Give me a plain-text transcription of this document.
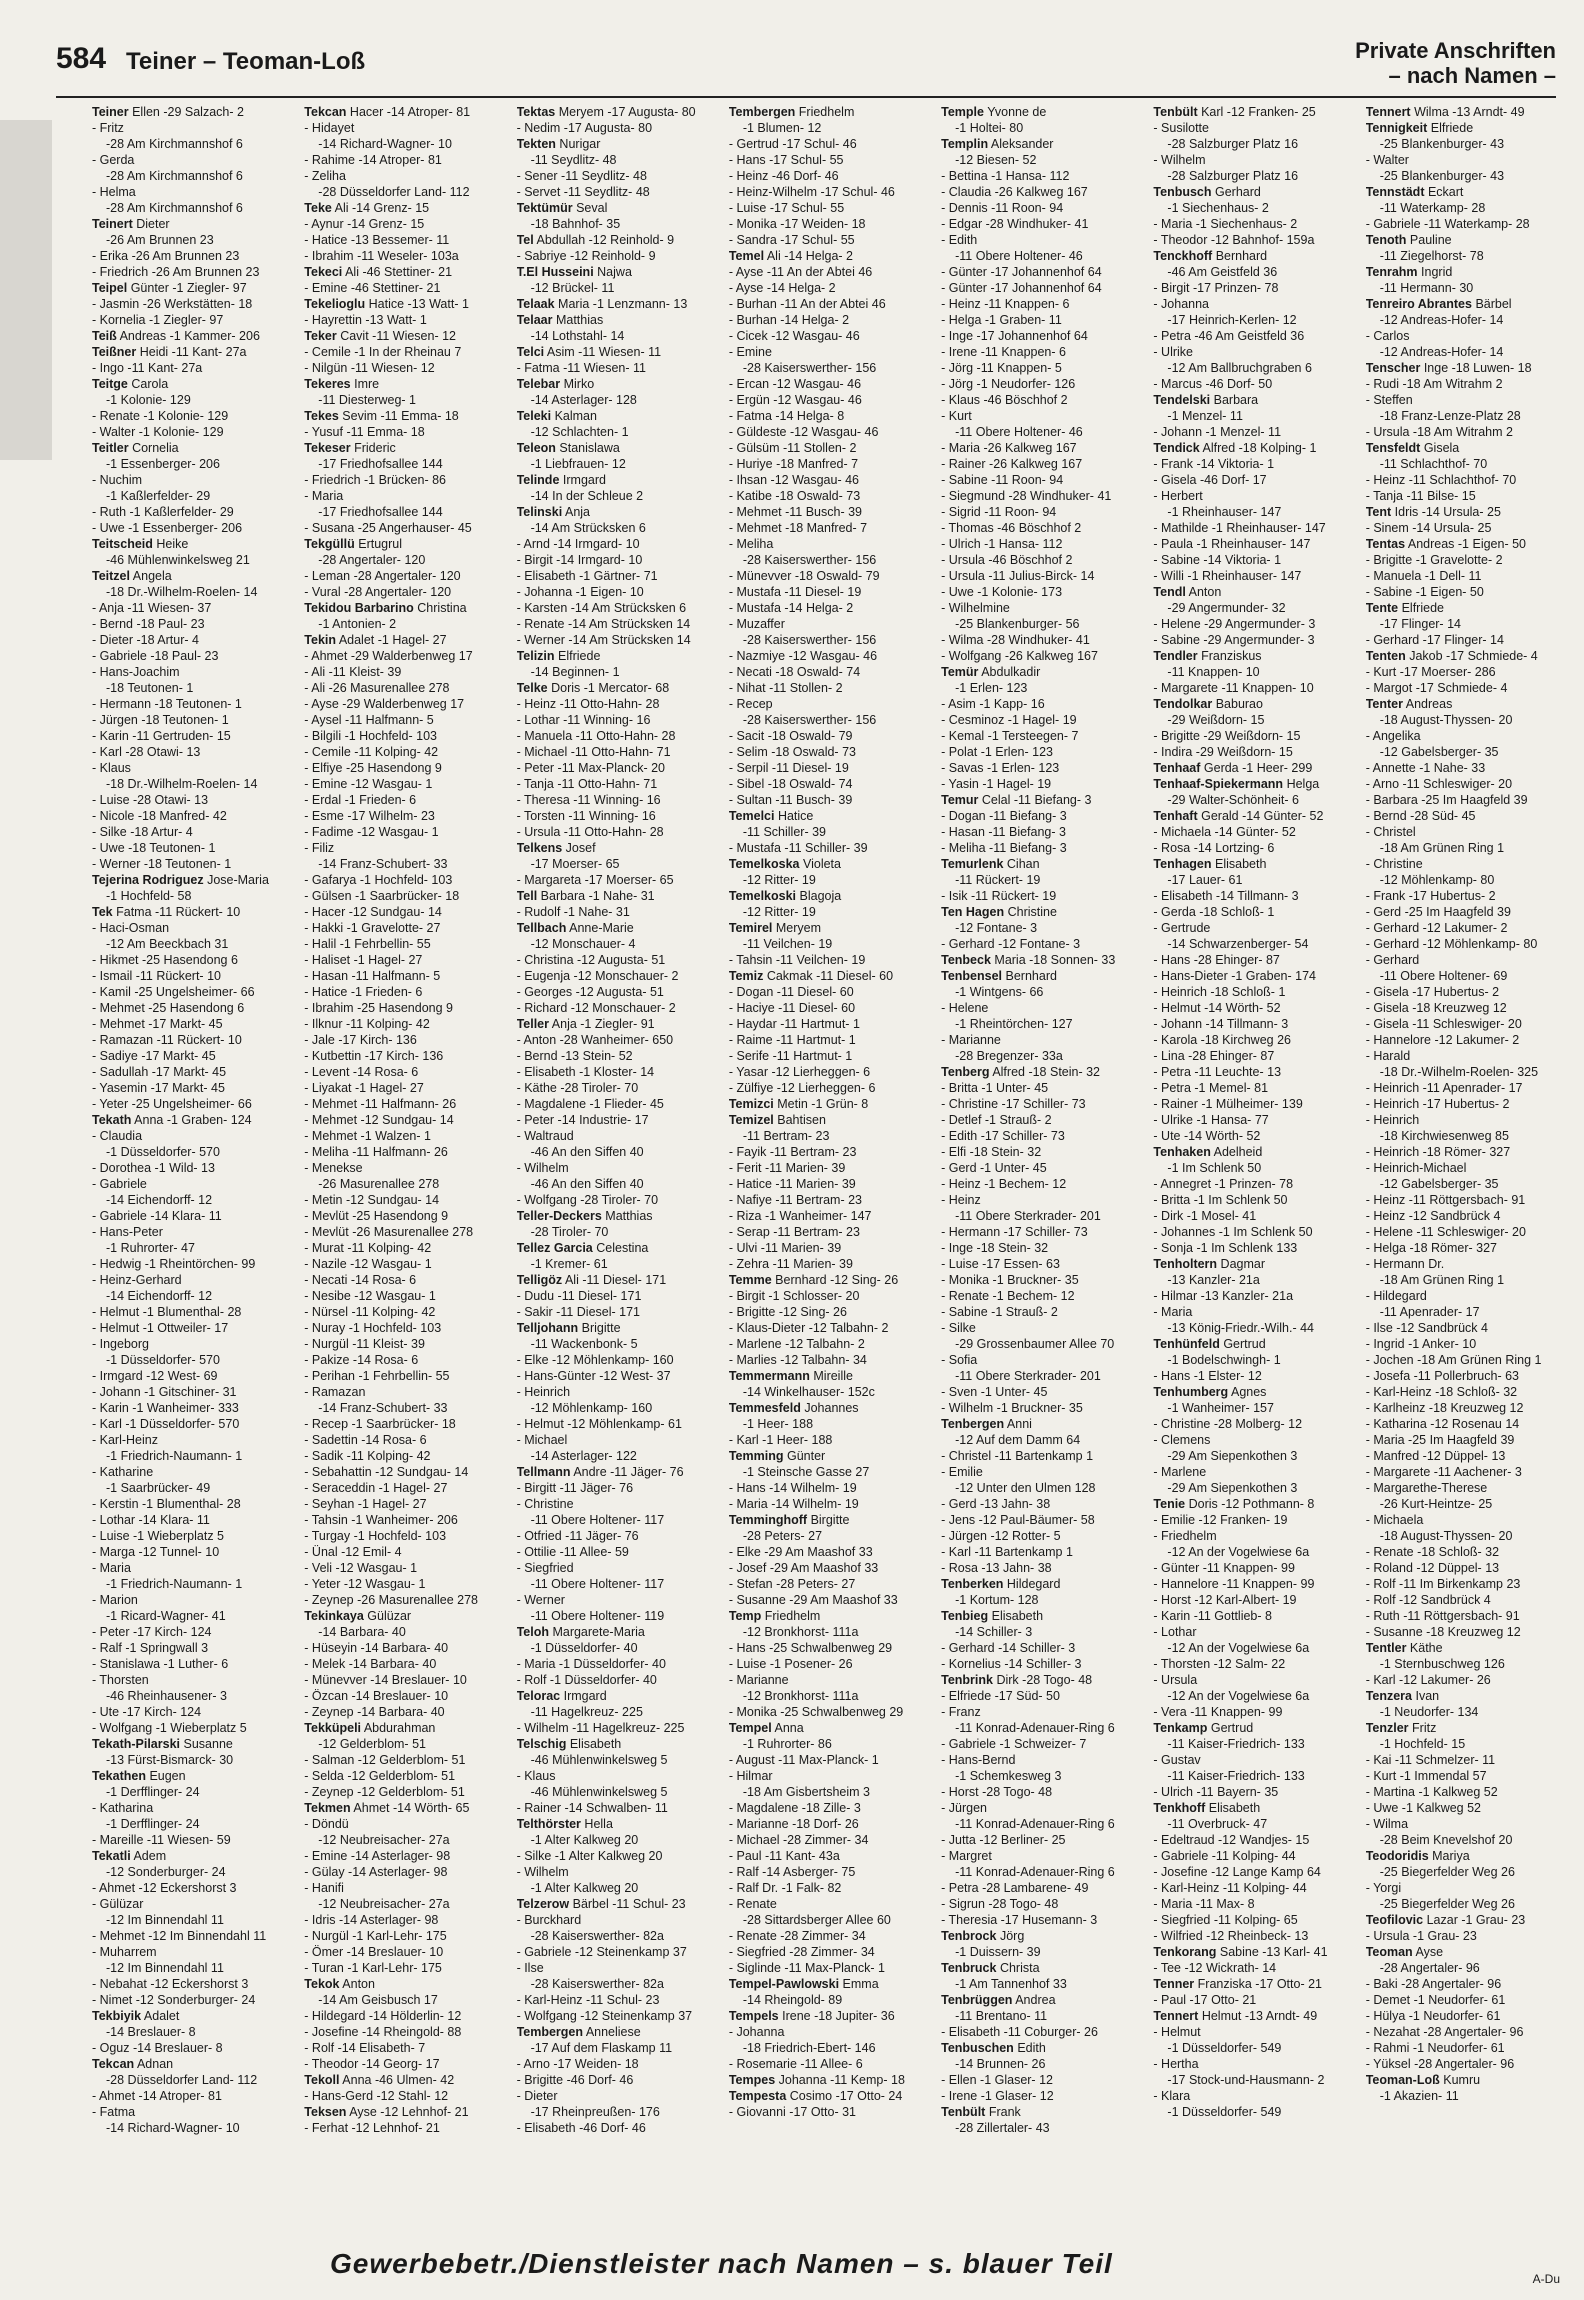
Telefonbuch
584 Teiner – Teoman-Loß	Private Anschriften
– nach Namen –
Teiner Ellen -29 Salzach- 2
- Fritz
-28 Am Kirchmannshof 6
- Gerda
-28 Am Kirchmannshof 6
- Helma
-28 Am Kirchmannshof 6
Teinert Dieter
-26 Am Brunnen 23
- Erika -26 Am Brunnen 23
- Friedrich -26 Am Brunnen 23
Teipel Günter -1 Ziegler- 97
- Jasmin -26 Werkstätten- 18
- Kornelia -1 Ziegler- 97
Teiß Andreas -1 Kammer- 206
Teißner Heidi -11 Kant- 27a
- Ingo -11 Kant- 27a
Teitge Carola
-1 Kolonie- 129
- Renate -1 Kolonie- 129
- Walter -1 Kolonie- 129
Teitler Cornelia
-1 Essenberger- 206
- Nuchim
-1 Kaßlerfelder- 29
- Ruth -1 Kaßlerfelder- 29
- Uwe -1 Essenberger- 206
Teitscheid Heike
-46 Mühlenwinkelsweg 21
Teitzel Angela
-18 Dr.-Wilhelm-Roelen- 14
- Anja -11 Wiesen- 37
- Bernd -18 Paul- 23
- Dieter -18 Artur- 4
- Gabriele -18 Paul- 23
- Hans-Joachim
-18 Teutonen- 1
- Hermann -18 Teutonen- 1
- Jürgen -18 Teutonen- 1
- Karin -11 Gertruden- 15
- Karl -28 Otawi- 13
- Klaus
-18 Dr.-Wilhelm-Roelen- 14
- Luise -28 Otawi- 13
- Nicole -18 Manfred- 42
- Silke -18 Artur- 4
- Uwe -18 Teutonen- 1
- Werner -18 Teutonen- 1
Tejerina Rodriguez Jose-Maria
-1 Hochfeld- 58
Tek Fatma -11 Rückert- 10
- Haci-Osman
-12 Am Beeckbach 31
- Hikmet -25 Hasendong 6
- Ismail -11 Rückert- 10
- Kamil -25 Ungelsheimer- 66
- Mehmet -25 Hasendong 6
- Mehmet -17 Markt- 45
- Ramazan -11 Rückert- 10
- Sadiye -17 Markt- 45
- Sadullah -17 Markt- 45
- Yasemin -17 Markt- 45
- Yeter -25 Ungelsheimer- 66
Tekath Anna -1 Graben- 124
- Claudia
-1 Düsseldorfer- 570
- Dorothea -1 Wild- 13
- Gabriele
-14 Eichendorff- 12
- Gabriele -14 Klara- 11
- Hans-Peter
-1 Ruhrorter- 47
- Hedwig -1 Rheintörchen- 99
- Heinz-Gerhard
-14 Eichendorff- 12
- Helmut -1 Blumenthal- 28
- Helmut -1 Ottweiler- 17
- Ingeborg
-1 Düsseldorfer- 570
- Irmgard -12 West- 69
- Johann -1 Gitschiner- 31
- Karin -1 Wanheimer- 333
- Karl -1 Düsseldorfer- 570
- Karl-Heinz
-1 Friedrich-Naumann- 1
- Katharine
-1 Saarbrücker- 49
- Kerstin -1 Blumenthal- 28
- Lothar -14 Klara- 11
- Luise -1 Wieberplatz 5
- Marga -12 Tunnel- 10
- Maria
-1 Friedrich-Naumann- 1
- Marion
-1 Ricard-Wagner- 41
- Peter -17 Kirch- 124
- Ralf -1 Springwall 3
- Stanislawa -1 Luther- 6
- Thorsten
-46 Rheinhausener- 3
- Ute -17 Kirch- 124
- Wolfgang -1 Wieberplatz 5
Tekath-Pilarski Susanne
-13 Fürst-Bismarck- 30
Tekathen Eugen
-1 Derfflinger- 24
- Katharina
-1 Derfflinger- 24
- Mareille -11 Wiesen- 59
Tekatli Adem
-12 Sonderburger- 24
- Ahmet -12 Eckershorst 3
- Gülüzar
-12 Im Binnendahl 11
- Mehmet -12 Im Binnendahl 11
- Muharrem
-12 Im Binnendahl 11
- Nebahat -12 Eckershorst 3
- Nimet -12 Sonderburger- 24
Tekbiyik Adalet
-14 Breslauer- 8
- Oguz -14 Breslauer- 8
Tekcan Adnan
-28 Düsseldorfer Land- 112
- Ahmet -14 Atroper- 81
- Fatma
-14 Richard-Wagner- 10
Tekcan Hacer -14 Atroper- 81
- Hidayet
-14 Richard-Wagner- 10
- Rahime -14 Atroper- 81
- Zeliha
-28 Düsseldorfer Land- 112
Teke Ali -14 Grenz- 15
- Aynur -14 Grenz- 15
- Hatice -13 Bessemer- 11
- Ibrahim -11 Weseler- 103a
Tekeci Ali -46 Stettiner- 21
- Emine -46 Stettiner- 21
Tekelioglu Hatice -13 Watt- 1
- Hayrettin -13 Watt- 1
Teker Cavit -11 Wiesen- 12
- Cemile -1 In der Rheinau 7
- Nilgün -11 Wiesen- 12
Tekeres Imre
-11 Diesterweg- 1
Tekes Sevim -11 Emma- 18
- Yusuf -11 Emma- 18
Tekeser Frideric
-17 Friedhofsallee 144
- Friedrich -1 Brücken- 86
- Maria
-17 Friedhofsallee 144
- Susana -25 Angerhauser- 45
Tekgüllü Ertugrul
-28 Angertaler- 120
- Leman -28 Angertaler- 120
- Vural -28 Angertaler- 120
Tekidou Barbarino Christina
-1 Antonien- 2
Tekin Adalet -1 Hagel- 27
- Ahmet -29 Walderbenweg 17
- Ali -11 Kleist- 39
- Ali -26 Masurenallee 278
- Ayse -29 Walderbenweg 17
- Aysel -11 Halfmann- 5
- Bilgili -1 Hochfeld- 103
- Cemile -11 Kolping- 42
- Elfiye -25 Hasendong 9
- Emine -12 Wasgau- 1
- Erdal -1 Frieden- 6
- Esme -17 Wilhelm- 23
- Fadime -12 Wasgau- 1
- Filiz
-14 Franz-Schubert- 33
- Gafarya -1 Hochfeld- 103
- Gülsen -1 Saarbrücker- 18
- Hacer -12 Sundgau- 14
- Hakki -1 Gravelotte- 27
- Halil -1 Fehrbellin- 55
- Haliset -1 Hagel- 27
- Hasan -11 Halfmann- 5
- Hatice -1 Frieden- 6
- Ibrahim -25 Hasendong 9
- Ilknur -11 Kolping- 42
- Jale -17 Kirch- 136
- Kutbettin -17 Kirch- 136
- Levent -14 Rosa- 6
- Liyakat -1 Hagel- 27
- Mehmet -11 Halfmann- 26
- Mehmet -12 Sundgau- 14
- Mehmet -1 Walzen- 1
- Meliha -11 Halfmann- 26
- Menekse
-26 Masurenallee 278
- Metin -12 Sundgau- 14
- Mevlüt -25 Hasendong 9
- Mevlüt -26 Masurenallee 278
- Murat -11 Kolping- 42
- Nazile -12 Wasgau- 1
- Necati -14 Rosa- 6
- Nesibe -12 Wasgau- 1
- Nürsel -11 Kolping- 42
- Nuray -1 Hochfeld- 103
- Nurgül -11 Kleist- 39
- Pakize -14 Rosa- 6
- Perihan -1 Fehrbellin- 55
- Ramazan
-14 Franz-Schubert- 33
- Recep -1 Saarbrücker- 18
- Sadettin -14 Rosa- 6
- Sadik -11 Kolping- 42
- Sebahattin -12 Sundgau- 14
- Seraceddin -1 Hagel- 27
- Seyhan -1 Hagel- 27
- Tahsin -1 Wanheimer- 206
- Turgay -1 Hochfeld- 103
- Ünal -12 Emil- 4
- Veli -12 Wasgau- 1
- Yeter -12 Wasgau- 1
- Zeynep -26 Masurenallee 278
Tekinkaya Gülüzar
-14 Barbara- 40
- Hüseyin -14 Barbara- 40
- Melek -14 Barbara- 40
- Münevver -14 Breslauer- 10
- Özcan -14 Breslauer- 10
- Zeynep -14 Barbara- 40
Tekküpeli Abdurahman
-12 Gelderblom- 51
- Salman -12 Gelderblom- 51
- Selda -12 Gelderblom- 51
- Zeynep -12 Gelderblom- 51
Tekmen Ahmet -14 Wörth- 65
- Döndü
-12 Neubreisacher- 27a
- Emine -14 Asterlager- 98
- Gülay -14 Asterlager- 98
- Hanifi
-12 Neubreisacher- 27a
- Idris -14 Asterlager- 98
- Nurgül -1 Karl-Lehr- 175
- Ömer -14 Breslauer- 10
- Turan -1 Karl-Lehr- 175
Tekok Anton
-14 Am Geisbusch 17
- Hildegard -14 Hölderlin- 12
- Josefine -14 Rheingold- 88
- Rolf -14 Elisabeth- 7
- Theodor -14 Georg- 17
Tekoll Anna -46 Ulmen- 42
- Hans-Gerd -12 Stahl- 12
Teksen Ayse -12 Lehnhof- 21
- Ferhat -12 Lehnhof- 21
Tektas Meryem -17 Augusta- 80
- Nedim -17 Augusta- 80
Tekten Nurigar
-11 Seydlitz- 48
- Sener -11 Seydlitz- 48
- Servet -11 Seydlitz- 48
Tektümür Seval
-18 Bahnhof- 35
Tel Abdullah -12 Reinhold- 9
- Sabriye -12 Reinhold- 9
T.El Husseini Najwa
-12 Brückel- 11
Telaak Maria -1 Lenzmann- 13
Telaar Matthias
-14 Lothstahl- 14
Telci Asim -11 Wiesen- 11
- Fatma -11 Wiesen- 11
Telebar Mirko
-14 Asterlager- 128
Teleki Kalman
-12 Schlachten- 1
Teleon Stanislawa
-1 Liebfrauen- 12
Telinde Irmgard
-14 In der Schleue 2
Telinski Anja
-14 Am Strücksken 6
- Arnd -14 Irmgard- 10
- Birgit -14 Irmgard- 10
- Elisabeth -1 Gärtner- 71
- Johanna -1 Eigen- 10
- Karsten -14 Am Strücksken 6
- Renate -14 Am Strücksken 14
- Werner -14 Am Strücksken 14
Telizin Elfriede
-14 Beginnen- 1
Telke Doris -1 Mercator- 68
- Heinz -11 Otto-Hahn- 28
- Lothar -11 Winning- 16
- Manuela -11 Otto-Hahn- 28
- Michael -11 Otto-Hahn- 71
- Peter -11 Max-Planck- 20
- Tanja -11 Otto-Hahn- 71
- Theresa -11 Winning- 16
- Torsten -11 Winning- 16
- Ursula -11 Otto-Hahn- 28
Telkens Josef
-17 Moerser- 65
- Margareta -17 Moerser- 65
Tell Barbara -1 Nahe- 31
- Rudolf -1 Nahe- 31
Tellbach Anne-Marie
-12 Monschauer- 4
- Christina -12 Augusta- 51
- Eugenja -12 Monschauer- 2
- Georges -12 Augusta- 51
- Richard -12 Monschauer- 2
Teller Anja -1 Ziegler- 91
- Anton -28 Wanheimer- 650
- Bernd -13 Stein- 52
- Elisabeth -1 Kloster- 14
- Käthe -28 Tiroler- 70
- Magdalene -1 Flieder- 45
- Peter -14 Industrie- 17
- Waltraud
-46 An den Siffen 40
- Wilhelm
-46 An den Siffen 40
- Wolfgang -28 Tiroler- 70
Teller-Deckers Matthias
-28 Tiroler- 70
Tellez Garcia Celestina
-1 Kremer- 61
Telligöz Ali -11 Diesel- 171
- Dudu -11 Diesel- 171
- Sakir -11 Diesel- 171
Telljohann Brigitte
-11 Wackenbonk- 5
- Elke -12 Möhlenkamp- 160
- Hans-Günter -12 West- 37
- Heinrich
-12 Möhlenkamp- 160
- Helmut -12 Möhlenkamp- 61
- Michael
-14 Asterlager- 122
Tellmann Andre -11 Jäger- 76
- Birgitt -11 Jäger- 76
- Christine
-11 Obere Holtener- 117
- Otfried -11 Jäger- 76
- Ottilie -11 Allee- 59
- Siegfried
-11 Obere Holtener- 117
- Werner
-11 Obere Holtener- 119
Teloh Margarete-Maria
-1 Düsseldorfer- 40
- Maria -1 Düsseldorfer- 40
- Rolf -1 Düsseldorfer- 40
Telorac Irmgard
-11 Hagelkreuz- 225
- Wilhelm -11 Hagelkreuz- 225
Telschig Elisabeth
-46 Mühlenwinkelsweg 5
- Klaus
-46 Mühlenwinkelsweg 5
- Rainer -14 Schwalben- 11
Telthörster Hella
-1 Alter Kalkweg 20
- Silke -1 Alter Kalkweg 20
- Wilhelm
-1 Alter Kalkweg 20
Telzerow Bärbel -11 Schul- 23
- Burckhard
-28 Kaiserswerther- 82a
- Gabriele -12 Steinenkamp 37
- Ilse
-28 Kaiserswerther- 82a
- Karl-Heinz -11 Schul- 23
- Wolfgang -12 Steinenkamp 37
Tembergen Anneliese
-17 Auf dem Flaskamp 11
- Arno -17 Weiden- 18
- Brigitte -46 Dorf- 46
- Dieter
-17 Rheinpreußen- 176
- Elisabeth -46 Dorf- 46
Tembergen Friedhelm
-1 Blumen- 12
- Gertrud -17 Schul- 46
- Hans -17 Schul- 55
- Heinz -46 Dorf- 46
- Heinz-Wilhelm -17 Schul- 46
- Luise -17 Schul- 55
- Monika -17 Weiden- 18
- Sandra -17 Schul- 55
Temel Ali -14 Helga- 2
- Ayse -11 An der Abtei 46
- Ayse -14 Helga- 2
- Burhan -11 An der Abtei 46
- Burhan -14 Helga- 2
- Cicek -12 Wasgau- 46
- Emine
-28 Kaiserswerther- 156
- Ercan -12 Wasgau- 46
- Ergün -12 Wasgau- 46
- Fatma -14 Helga- 8
- Güldeste -12 Wasgau- 46
- Gülsüm -11 Stollen- 2
- Huriye -18 Manfred- 7
- Ihsan -12 Wasgau- 46
- Katibe -18 Oswald- 73
- Mehmet -11 Busch- 39
- Mehmet -18 Manfred- 7
- Meliha
-28 Kaiserswerther- 156
- Münevver -18 Oswald- 79
- Mustafa -11 Diesel- 19
- Mustafa -14 Helga- 2
- Muzaffer
-28 Kaiserswerther- 156
- Nazmiye -12 Wasgau- 46
- Necati -18 Oswald- 74
- Nihat -11 Stollen- 2
- Recep
-28 Kaiserswerther- 156
- Sacit -18 Oswald- 79
- Selim -18 Oswald- 73
- Serpil -11 Diesel- 19
- Sibel -18 Oswald- 74
- Sultan -11 Busch- 39
Temelci Hatice
-11 Schiller- 39
- Mustafa -11 Schiller- 39
Temelkoska Violeta
-12 Ritter- 19
Temelkoski Blagoja
-12 Ritter- 19
Temirel Meryem
-11 Veilchen- 19
- Tahsin -11 Veilchen- 19
Temiz Cakmak -11 Diesel- 60
- Dogan -11 Diesel- 60
- Haciye -11 Diesel- 60
- Haydar -11 Hartmut- 1
- Raime -11 Hartmut- 1
- Serife -11 Hartmut- 1
- Yasar -12 Lierheggen- 6
- Zülfiye -12 Lierheggen- 6
Temizci Metin -1 Grün- 8
Temizel Bahtisen
-11 Bertram- 23
- Fayik -11 Bertram- 23
- Ferit -11 Marien- 39
- Hatice -11 Marien- 39
- Nafiye -11 Bertram- 23
- Riza -1 Wanheimer- 147
- Serap -11 Bertram- 23
- Ulvi -11 Marien- 39
- Zehra -11 Marien- 39
Temme Bernhard -12 Sing- 26
- Birgit -1 Schlosser- 20
- Brigitte -12 Sing- 26
- Klaus-Dieter -12 Talbahn- 2
- Marlene -12 Talbahn- 2
- Marlies -12 Talbahn- 34
Temmermann Mireille
-14 Winkelhauser- 152c
Temmesfeld Johannes
-1 Heer- 188
- Karl -1 Heer- 188
Temming Günter
-1 Steinsche Gasse 27
- Hans -14 Wilhelm- 19
- Maria -14 Wilhelm- 19
Temminghoff Birgitte
-28 Peters- 27
- Elke -29 Am Maashof 33
- Josef -29 Am Maashof 33
- Stefan -28 Peters- 27
- Susanne -29 Am Maashof 33
Temp Friedhelm
-12 Bronkhorst- 111a
- Hans -25 Schwalbenweg 29
- Luise -1 Posener- 26
- Marianne
-12 Bronkhorst- 111a
- Monika -25 Schwalbenweg 29
Tempel Anna
-1 Ruhrorter- 86
- August -11 Max-Planck- 1
- Hilmar
-18 Am Gisbertsheim 3
- Magdalene -18 Zille- 3
- Marianne -18 Dorf- 26
- Michael -28 Zimmer- 34
- Paul -11 Kant- 43a
- Ralf -14 Asberger- 75
- Ralf Dr. -1 Falk- 82
- Renate
-28 Sittardsberger Allee 60
- Renate -28 Zimmer- 34
- Siegfried -28 Zimmer- 34
- Siglinde -11 Max-Planck- 1
Tempel-Pawlowski Emma
-14 Rheingold- 89
Tempels Irene -18 Jupiter- 36
- Johanna
-18 Friedrich-Ebert- 146
- Rosemarie -11 Allee- 6
Tempes Johanna -11 Kemp- 18
Tempesta Cosimo -17 Otto- 24
- Giovanni -17 Otto- 31
Temple Yvonne de
-1 Holtei- 80
Templin Aleksander
-12 Biesen- 52
- Bettina -1 Hansa- 112
- Claudia -26 Kalkweg 167
- Dennis -11 Roon- 94
- Edgar -28 Windhuker- 41
- Edith
-11 Obere Holtener- 46
- Günter -17 Johannenhof 64
- Günter -17 Johannenhof 64
- Heinz -11 Knappen- 6
- Helga -1 Graben- 11
- Inge -17 Johannenhof 64
- Irene -11 Knappen- 6
- Jörg -11 Knappen- 5
- Jörg -1 Neudorfer- 126
- Klaus -46 Böschhof 2
- Kurt
-11 Obere Holtener- 46
- Maria -26 Kalkweg 167
- Rainer -26 Kalkweg 167
- Sabine -11 Roon- 94
- Siegmund -28 Windhuker- 41
- Sigrid -11 Roon- 94
- Thomas -46 Böschhof 2
- Ulrich -1 Hansa- 112
- Ursula -46 Böschhof 2
- Ursula -11 Julius-Birck- 14
- Uwe -1 Kolonie- 173
- Wilhelmine
-25 Blankenburger- 56
- Wilma -28 Windhuker- 41
- Wolfgang -26 Kalkweg 167
Temür Abdulkadir
-1 Erlen- 123
- Asim -1 Kapp- 16
- Cesminoz -1 Hagel- 19
- Kemal -1 Tersteegen- 7
- Polat -1 Erlen- 123
- Savas -1 Erlen- 123
- Yasin -1 Hagel- 19
Temur Celal -11 Biefang- 3
- Dogan -11 Biefang- 3
- Hasan -11 Biefang- 3
- Meliha -11 Biefang- 3
Temurlenk Cihan
-11 Rückert- 19
- Isik -11 Rückert- 19
Ten Hagen Christine
-12 Fontane- 3
- Gerhard -12 Fontane- 3
Tenbeck Maria -18 Sonnen- 33
Tenbensel Bernhard
-1 Wintgens- 66
- Helene
-1 Rheintörchen- 127
- Marianne
-28 Bregenzer- 33a
Tenberg Alfred -18 Stein- 32
- Britta -1 Unter- 45
- Christine -17 Schiller- 73
- Detlef -1 Strauß- 2
- Edith -17 Schiller- 73
- Elfi -18 Stein- 32
- Gerd -1 Unter- 45
- Heinz -1 Bechem- 12
- Heinz
-11 Obere Sterkrader- 201
- Hermann -17 Schiller- 73
- Inge -18 Stein- 32
- Luise -17 Essen- 63
- Monika -1 Bruckner- 35
- Renate -1 Bechem- 12
- Sabine -1 Strauß- 2
- Silke
-29 Grossenbaumer Allee 70
- Sofia
-11 Obere Sterkrader- 201
- Sven -1 Unter- 45
- Wilhelm -1 Bruckner- 35
Tenbergen Anni
-12 Auf dem Damm 64
- Christel -11 Bartenkamp 1
- Emilie
-12 Unter den Ulmen 128
- Gerd -13 Jahn- 38
- Jens -12 Paul-Bäumer- 58
- Jürgen -12 Rotter- 5
- Karl -11 Bartenkamp 1
- Rosa -13 Jahn- 38
Tenberken Hildegard
-1 Kortum- 128
Tenbieg Elisabeth
-14 Schiller- 3
- Gerhard -14 Schiller- 3
- Kornelius -14 Schiller- 3
Tenbrink Dirk -28 Togo- 48
- Elfriede -17 Süd- 50
- Franz
-11 Konrad-Adenauer-Ring 6
- Gabriele -1 Schweizer- 7
- Hans-Bernd
-1 Schemkesweg 3
- Horst -28 Togo- 48
- Jürgen
-11 Konrad-Adenauer-Ring 6
- Jutta -12 Berliner- 25
- Margret
-11 Konrad-Adenauer-Ring 6
- Petra -28 Lambarene- 49
- Sigrun -28 Togo- 48
- Theresia -17 Husemann- 3
Tenbrock Jörg
-1 Duissern- 39
Tenbruck Christa
-1 Am Tannenhof 33
Tenbrüggen Andrea
-11 Brentano- 11
- Elisabeth -11 Coburger- 26
Tenbuschen Edith
-14 Brunnen- 26
- Ellen -1 Glaser- 12
- Irene -1 Glaser- 12
Tenbült Frank
-28 Zillertaler- 43
Tenbült Karl -12 Franken- 25
- Susilotte
-28 Salzburger Platz 16
- Wilhelm
-28 Salzburger Platz 16
Tenbusch Gerhard
-1 Siechenhaus- 2
- Maria -1 Siechenhaus- 2
- Theodor -12 Bahnhof- 159a
Tenckhoff Bernhard
-46 Am Geistfeld 36
- Birgit -17 Prinzen- 78
- Johanna
-17 Heinrich-Kerlen- 12
- Petra -46 Am Geistfeld 36
- Ulrike
-12 Am Ballbruchgraben 6
- Marcus -46 Dorf- 50
Tendelski Barbara
-1 Menzel- 11
- Johann -1 Menzel- 11
Tendick Alfred -18 Kolping- 1
- Frank -14 Viktoria- 1
- Gisela -46 Dorf- 17
- Herbert
-1 Rheinhauser- 147
- Mathilde -1 Rheinhauser- 147
- Paula -1 Rheinhauser- 147
- Sabine -14 Viktoria- 1
- Willi -1 Rheinhauser- 147
Tendl Anton
-29 Angermunder- 32
- Helene -29 Angermunder- 3
- Sabine -29 Angermunder- 3
Tendler Franziskus
-11 Knappen- 10
- Margarete -11 Knappen- 10
Tendolkar Baburao
-29 Weißdorn- 15
- Brigitte -29 Weißdorn- 15
- Indira -29 Weißdorn- 15
Tenhaaf Gerda -1 Heer- 299
Tenhaaf-Spiekermann Helga
-29 Walter-Schönheit- 6
Tenhaft Gerald -14 Günter- 52
- Michaela -14 Günter- 52
- Rosa -14 Lortzing- 6
Tenhagen Elisabeth
-17 Lauer- 61
- Elisabeth -14 Tillmann- 3
- Gerda -18 Schloß- 1
- Gertrude
-14 Schwarzenberger- 54
- Hans -28 Ehinger- 87
- Hans-Dieter -1 Graben- 174
- Heinrich -18 Schloß- 1
- Helmut -14 Wörth- 52
- Johann -14 Tillmann- 3
- Karola -18 Kirchweg 26
- Lina -28 Ehinger- 87
- Petra -11 Leuchte- 13
- Petra -1 Memel- 81
- Rainer -1 Mülheimer- 139
- Ulrike -1 Hansa- 77
- Ute -14 Wörth- 52
Tenhaken Adelheid
-1 Im Schlenk 50
- Annegret -1 Prinzen- 78
- Britta -1 Im Schlenk 50
- Dirk -1 Mosel- 41
- Johannes -1 Im Schlenk 50
- Sonja -1 Im Schlenk 133
Tenholtern Dagmar
-13 Kanzler- 21a
- Hilmar -13 Kanzler- 21a
- Maria
-13 König-Friedr.-Wilh.- 44
Tenhünfeld Gertrud
-1 Bodelschwingh- 1
- Hans -1 Elster- 12
Tenhumberg Agnes
-1 Wanheimer- 157
- Christine -28 Molberg- 12
- Clemens
-29 Am Siepenkothen 3
- Marlene
-29 Am Siepenkothen 3
Tenie Doris -12 Pothmann- 8
- Emilie -12 Franken- 19
- Friedhelm
-12 An der Vogelwiese 6a
- Günter -11 Knappen- 99
- Hannelore -11 Knappen- 99
- Horst -12 Karl-Albert- 19
- Karin -11 Gottlieb- 8
- Lothar
-12 An der Vogelwiese 6a
- Thorsten -12 Salm- 22
- Ursula
-12 An der Vogelwiese 6a
- Vera -11 Knappen- 99
Tenkamp Gertrud
-11 Kaiser-Friedrich- 133
- Gustav
-11 Kaiser-Friedrich- 133
- Ulrich -11 Bayern- 35
Tenkhoff Elisabeth
-11 Overbruck- 47
- Edeltraud -12 Wandjes- 15
- Gabriele -11 Kolping- 44
- Josefine -12 Lange Kamp 64
- Karl-Heinz -11 Kolping- 44
- Maria -11 Max- 8
- Siegfried -11 Kolping- 65
- Wilfried -12 Rheinbeck- 13
Tenkorang Sabine -13 Karl- 41
- Tee -12 Wickrath- 14
Tenner Franziska -17 Otto- 21
- Paul -17 Otto- 21
Tennert Helmut -13 Arndt- 49
- Helmut
-1 Düsseldorfer- 549
- Hertha
-17 Stock-und-Hausmann- 2
- Klara
-1 Düsseldorfer- 549
Tennert Wilma -13 Arndt- 49
Tennigkeit Elfriede
-25 Blankenburger- 43
- Walter
-25 Blankenburger- 43
Tennstädt Eckart
-11 Waterkamp- 28
- Gabriele -11 Waterkamp- 28
Tenoth Pauline
-11 Ziegelhorst- 78
Tenrahm Ingrid
-11 Hermann- 30
Tenreiro Abrantes Bärbel
-12 Andreas-Hofer- 14
- Carlos
-12 Andreas-Hofer- 14
Tenscher Inge -18 Luwen- 18
- Rudi -18 Am Witrahm 2
- Steffen
-18 Franz-Lenze-Platz 28
- Ursula -18 Am Witrahm 2
Tensfeldt Gisela
-11 Schlachthof- 70
- Heinz -11 Schlachthof- 70
- Tanja -11 Bilse- 15
Tent Idris -14 Ursula- 25
- Sinem -14 Ursula- 25
Tentas Andreas -1 Eigen- 50
- Brigitte -1 Gravelotte- 2
- Manuela -1 Dell- 11
- Sabine -1 Eigen- 50
Tente Elfriede
-17 Flinger- 14
- Gerhard -17 Flinger- 14
Tenten Jakob -17 Schmiede- 4
- Kurt -17 Moerser- 286
- Margot -17 Schmiede- 4
Tenter Andreas
-18 August-Thyssen- 20
- Angelika
-12 Gabelsberger- 35
- Annette -1 Nahe- 33
- Arno -11 Schleswiger- 20
- Barbara -25 Im Haagfeld 39
- Bernd -28 Süd- 45
- Christel
-18 Am Grünen Ring 1
- Christine
-12 Möhlenkamp- 80
- Frank -17 Hubertus- 2
- Gerd -25 Im Haagfeld 39
- Gerhard -12 Lakumer- 2
- Gerhard -12 Möhlenkamp- 80
- Gerhard
-11 Obere Holtener- 69
- Gisela -17 Hubertus- 2
- Gisela -18 Kreuzweg 12
- Gisela -11 Schleswiger- 20
- Hannelore -12 Lakumer- 2
- Harald
-18 Dr.-Wilhelm-Roelen- 325
- Heinrich -11 Apenrader- 17
- Heinrich -17 Hubertus- 2
- Heinrich
-18 Kirchwiesenweg 85
- Heinrich -18 Römer- 327
- Heinrich-Michael
-12 Gabelsberger- 35
- Heinz -11 Röttgersbach- 91
- Heinz -12 Sandbrück 4
- Helene -11 Schleswiger- 20
- Helga -18 Römer- 327
- Hermann Dr.
-18 Am Grünen Ring 1
- Hildegard
-11 Apenrader- 17
- Ilse -12 Sandbrück 4
- Ingrid -1 Anker- 10
- Jochen -18 Am Grünen Ring 1
- Josefa -11 Pollerbruch- 63
- Karl-Heinz -18 Schloß- 32
- Karlheinz -18 Kreuzweg 12
- Katharina -12 Rosenau 14
- Maria -25 Im Haagfeld 39
- Manfred -12 Düppel- 13
- Margarete -11 Aachener- 3
- Margarethe-Therese
-26 Kurt-Heintze- 25
- Michaela
-18 August-Thyssen- 20
- Renate -18 Schloß- 32
- Roland -12 Düppel- 13
- Rolf -11 Im Birkenkamp 23
- Rolf -12 Sandbrück 4
- Ruth -11 Röttgersbach- 91
- Susanne -18 Kreuzweg 12
Tentler Käthe
-1 Sternbuschweg 126
- Karl -12 Lakumer- 26
Tenzera Ivan
-1 Neudorfer- 134
Tenzler Fritz
-1 Hochfeld- 15
- Kai -11 Schmelzer- 11
- Kurt -1 Immendal 57
- Martina -1 Kalkweg 52
- Uwe -1 Kalkweg 52
- Wilma
-28 Beim Knevelshof 20
Teodoridis Mariya
-25 Biegerfelder Weg 26
- Yorgi
-25 Biegerfelder Weg 26
Teofilovic Lazar -1 Grau- 23
- Ursula -1 Grau- 23
Teoman Ayse
-28 Angertaler- 96
- Baki -28 Angertaler- 96
- Demet -1 Neudorfer- 61
- Hülya -1 Neudorfer- 61
- Nezahat -28 Angertaler- 96
- Rahmi -1 Neudorfer- 61
- Yüksel -28 Angertaler- 96
Teoman-Loß Kumru
-1 Akazien- 11
Gewerbebetr./Dienstleister nach Namen – s. blauer Teil	A-Du
